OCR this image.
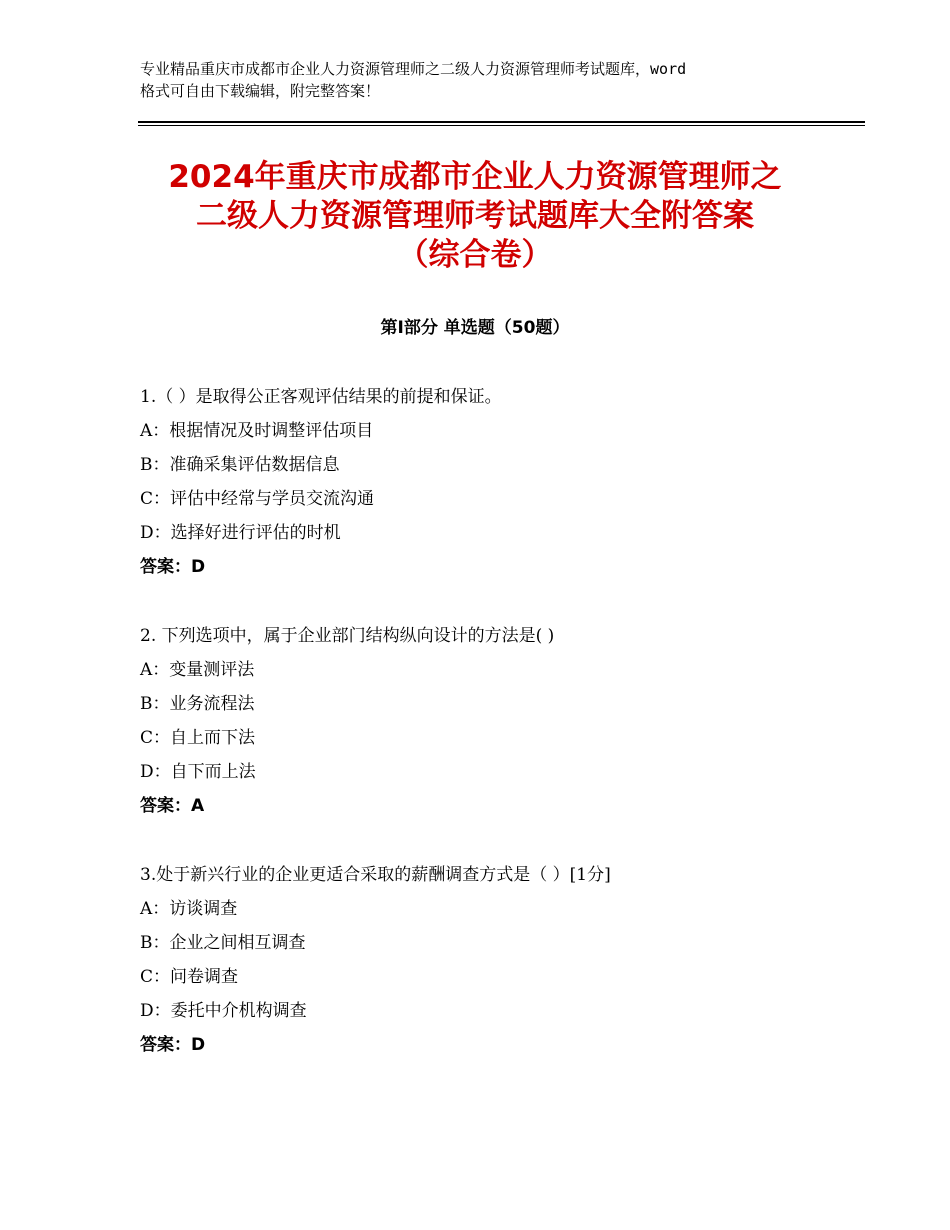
专业精品重庆市成都市企业人力资源管理师之二级人力资源管理师考试题库，word
格式可自由下载编辑，附完整答案！
2024年重庆市成都市企业人力资源管理师之
二级人力资源管理师考试题库大全附答案
（综合卷）
第Ⅰ部分 单选题（50题）
1.（ ）是取得公正客观评估结果的前提和保证。
A：根据情况及时调整评估项目
B：准确采集评估数据信息
C：评估中经常与学员交流沟通
D：选择好进行评估的时机
答案：D
2. 下列选项中，属于企业部门结构纵向设计的方法是( )
A：变量测评法
B：业务流程法
C：自上而下法
D：自下而上法
答案：A
3.处于新兴行业的企业更适合采取的薪酬调查方式是（ ）[1分]
A：访谈调查
B：企业之间相互调查
C：问卷调查
D：委托中介机构调查
答案：D
